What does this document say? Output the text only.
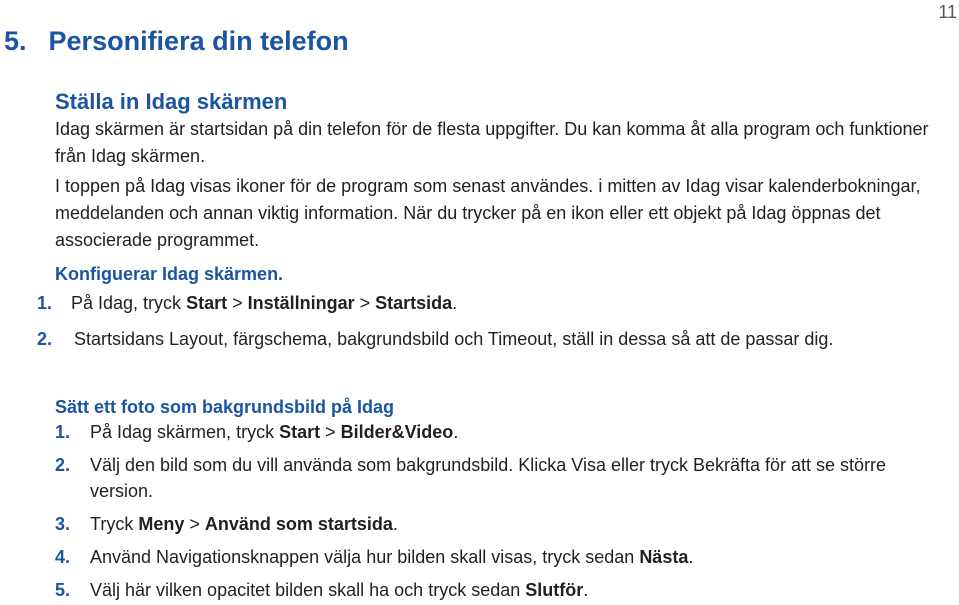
11
5. Personifiera din telefon
Ställa in Idag skärmen

Idag skärmen är startsidan på din telefon för de flesta uppgifter. Du kan komma åt alla program och funktioner från Idag skärmen.

I toppen på Idag visas ikoner för de program som senast användes. i mitten av Idag visar kalenderbokningar, meddelanden och annan viktig information. När du trycker på en ikon eller ett objekt på Idag öppnas det associerade programmet.

Konfiguerar Idag skärmen.
1.	På Idag, tryck Start > Inställningar > Startsida.
2.	Startsidans Layout, färgschema, bakgrundsbild och Timeout, ställ in dessa så att de passar dig.
Sätt ett foto som bakgrundsbild på Idag
1.	På Idag skärmen, tryck Start > Bilder&Video.
2.	Välj den bild som du vill använda som bakgrundsbild. Klicka Visa eller tryck Bekräfta för att se större version.
3.	Tryck Meny > Använd som startsida.
4.	Använd Navigationsknappen välja hur bilden skall visas, tryck sedan Nästa.
5.	Välj här vilken opacitet bilden skall ha och tryck sedan Slutför.
